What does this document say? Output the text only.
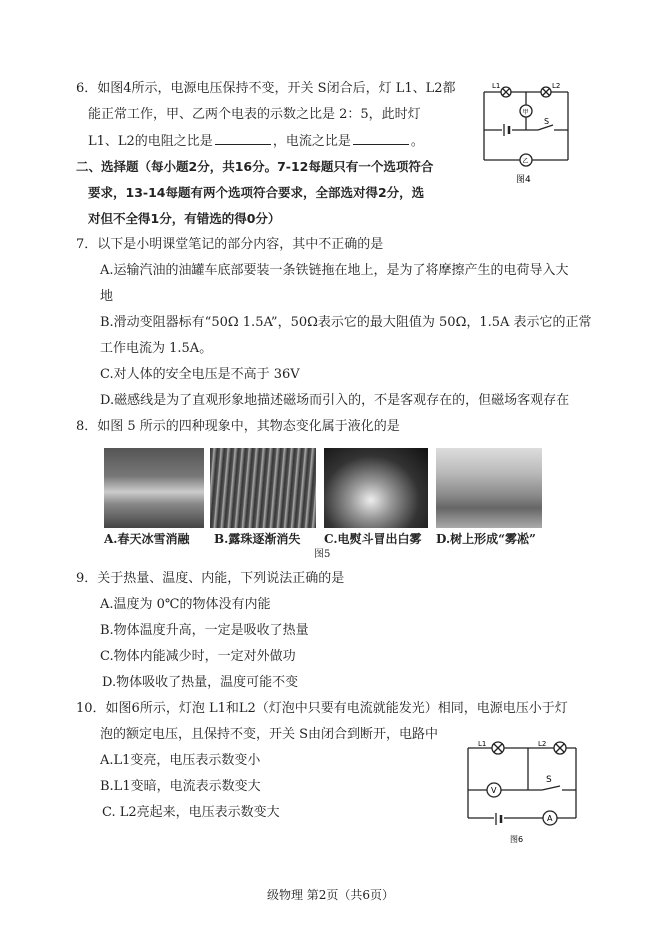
6．如图4所示，电源电压保持不变，开关 S闭合后，灯 L1、L2都
能正常工作，甲、乙两个电表的示数之比是 2：5，此时灯
L1、L2的电阻之比是	，电流之比是	。
L1	L2
甲
乙
S
图4
二、选择题（每小题2分，共16分。7-12每题只有一个选项符合
要求，13-14每题有两个选项符合要求，全部选对得2分，选
对但不全得1分，有错选的得0分）
7．以下是小明课堂笔记的部分内容，其中不正确的是
A.运输汽油的油罐车底部要装一条铁链拖在地上，是为了将摩擦产生的电荷导入大
地
B.滑动变阻器标有“50Ω 1.5A”，50Ω表示它的最大阻值为 50Ω，1.5A 表示它的正常
工作电流为 1.5A。
C.对人体的安全电压是不高于 36V
D.磁感线是为了直观形象地描述磁场而引入的，不是客观存在的，但磁场客观存在
8．如图 5 所示的四种现象中，其物态变化属于液化的是
A.春天冰雪消融 B.露珠逐渐消失 C.电熨斗冒出白雾 D.树上形成“雾凇”
图5
9．关于热量、温度、内能，下列说法正确的是
A.温度为 0℃的物体没有内能
B.物体温度升高，一定是吸收了热量
C.物体内能减少时，一定对外做功
D.物体吸收了热量，温度可能不变
10．如图6所示，灯泡 L1和L2（灯泡中只要有电流就能发光）相同，电源电压小于灯
泡的额定电压，且保持不变，开关 S由闭合到断开，电路中
A.L1变亮，电压表示数变小
B.L1变暗，电流表示数变大
C. L2亮起来，电压表示数变大
L1	L2
V
A
S
图6
级物理 第2页（共6页）
